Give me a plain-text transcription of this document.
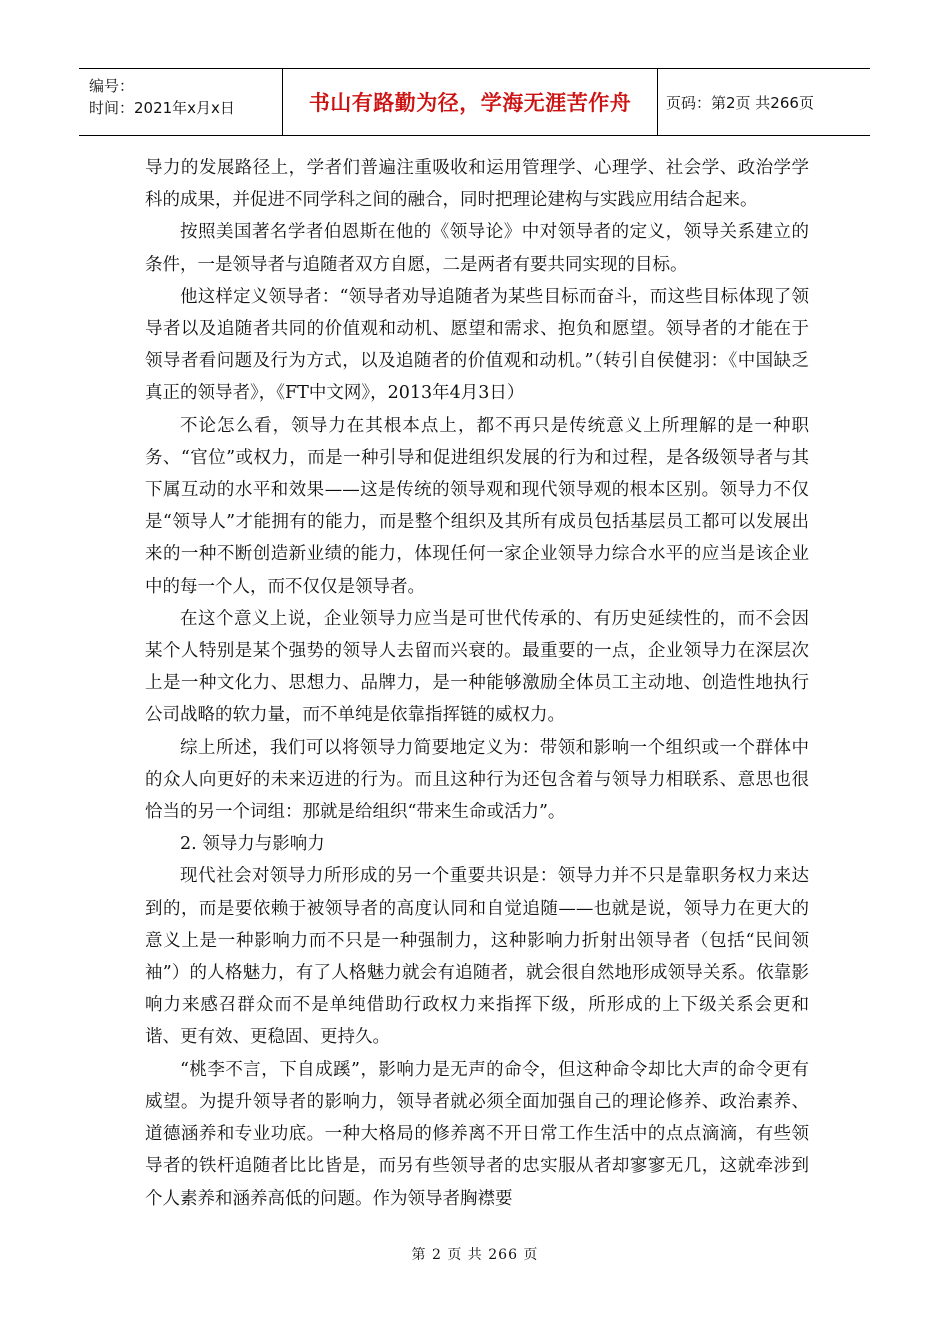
编号：
时间：2021年x月x日	书山有路勤为径，学海无涯苦作舟	页码：第2页 共266页

导力的发展路径上，学者们普遍注重吸收和运用管理学、心理学、社会学、政治学学科的成果，并促进不同学科之间的融合，同时把理论建构与实践应用结合起来。

按照美国著名学者伯恩斯在他的《领导论》中对领导者的定义，领导关系建立的条件，一是领导者与追随者双方自愿，二是两者有要共同实现的目标。

他这样定义领导者：“领导者劝导追随者为某些目标而奋斗，而这些目标体现了领导者以及追随者共同的价值观和动机、愿望和需求、抱负和愿望。领导者的才能在于领导者看问题及行为方式，以及追随者的价值观和动机。”（转引自侯健羽：《中国缺乏真正的领导者》，《FT中文网》，2013年4月3日）

不论怎么看，领导力在其根本点上，都不再只是传统意义上所理解的是一种职务、“官位”或权力，而是一种引导和促进组织发展的行为和过程，是各级领导者与其下属互动的水平和效果——这是传统的领导观和现代领导观的根本区别。领导力不仅是“领导人”才能拥有的能力，而是整个组织及其所有成员包括基层员工都可以发展出来的一种不断创造新业绩的能力，体现任何一家企业领导力综合水平的应当是该企业中的每一个人，而不仅仅是领导者。

在这个意义上说，企业领导力应当是可世代传承的、有历史延续性的，而不会因某个人特别是某个强势的领导人去留而兴衰的。最重要的一点，企业领导力在深层次上是一种文化力、思想力、品牌力，是一种能够激励全体员工主动地、创造性地执行公司战略的软力量，而不单纯是依靠指挥链的威权力。

综上所述，我们可以将领导力简要地定义为：带领和影响一个组织或一个群体中的众人向更好的未来迈进的行为。而且这种行为还包含着与领导力相联系、意思也很恰当的另一个词组：那就是给组织“带来生命或活力”。

2. 领导力与影响力

现代社会对领导力所形成的另一个重要共识是：领导力并不只是靠职务权力来达到的，而是要依赖于被领导者的高度认同和自觉追随——也就是说，领导力在更大的意义上是一种影响力而不只是一种强制力，这种影响力折射出领导者（包括“民间领袖”）的人格魅力，有了人格魅力就会有追随者，就会很自然地形成领导关系。依靠影响力来感召群众而不是单纯借助行政权力来指挥下级，所形成的上下级关系会更和谐、更有效、更稳固、更持久。

“桃李不言，下自成蹊”，影响力是无声的命令，但这种命令却比大声的命令更有威望。为提升领导者的影响力，领导者就必须全面加强自己的理论修养、政治素养、道德涵养和专业功底。一种大格局的修养离不开日常工作生活中的点点滴滴，有些领导者的铁杆追随者比比皆是，而另有些领导者的忠实服从者却寥寥无几，这就牵涉到个人素养和涵养高低的问题。作为领导者胸襟要

第 2 页 共 266 页
